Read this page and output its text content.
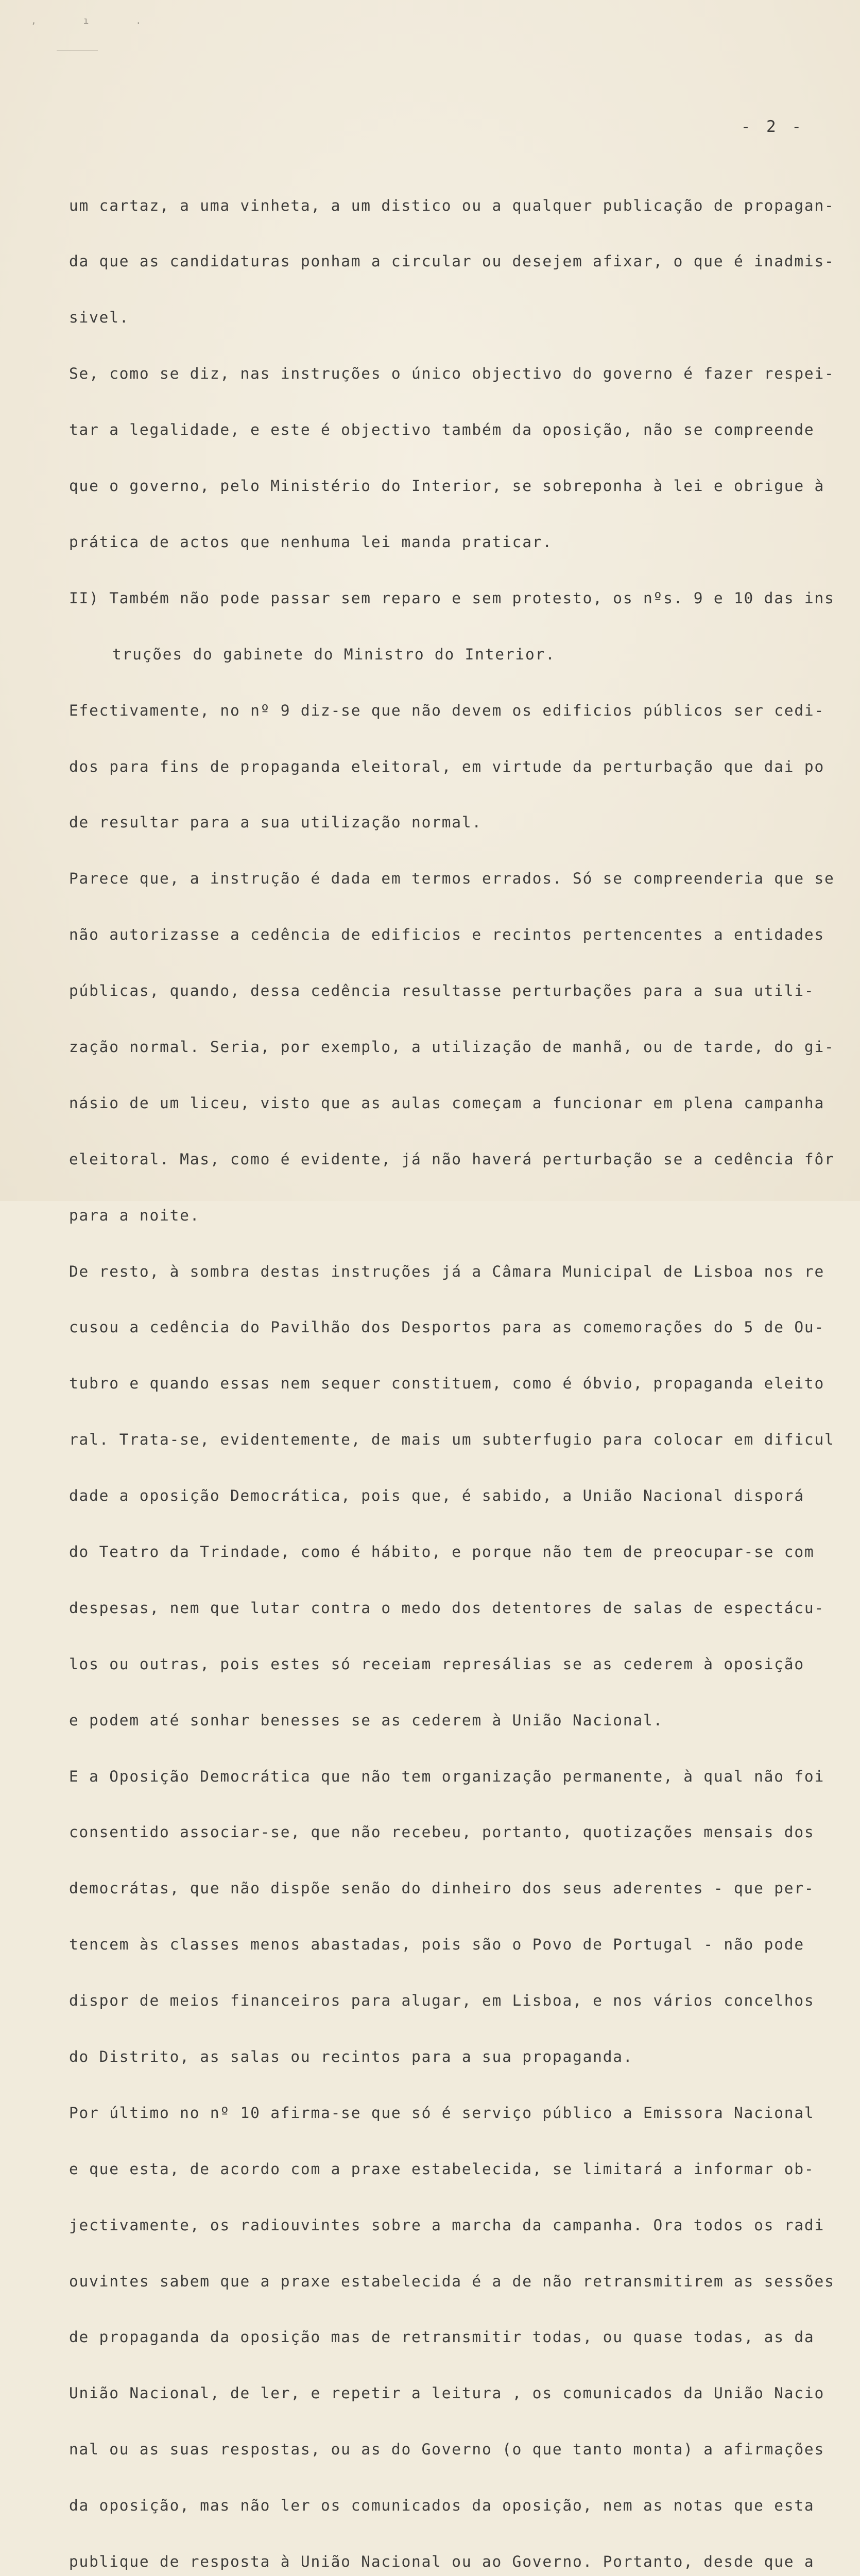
, ı .
- 2 -

um cartaz, a uma vinheta, a um distico ou a qualquer publicação de propagan-

da que as candidaturas ponham a circular ou desejem afixar, o que é inadmis-

sivel.

Se, como se diz, nas instruções o único objectivo do governo é fazer respei-

tar a legalidade, e este é objectivo também da oposição, não se compreende

que o governo, pelo Ministério do Interior, se sobreponha à lei e obrigue à

prática de actos que nenhuma lei manda praticar.

II) Também não pode passar sem reparo e sem protesto, os nºs. 9 e 10 das ins

truções do gabinete do Ministro do Interior.

Efectivamente, no nº 9 diz-se que não devem os edificios públicos ser cedi-

dos para fins de propaganda eleitoral, em virtude da perturbação que dai po

de resultar para a sua utilização normal.

Parece que, a instrução é dada em termos errados. Só se compreenderia que se

não autorizasse a cedência de edificios e recintos pertencentes a entidades

públicas, quando, dessa cedência resultasse perturbações para a sua utili-

zação normal. Seria, por exemplo, a utilização de manhã, ou de tarde, do gi-

násio de um liceu, visto que as aulas começam a funcionar em plena campanha

eleitoral. Mas, como é evidente, já não haverá perturbação se a cedência fôr

para a noite.

De resto, à sombra destas instruções já a Câmara Municipal de Lisboa nos re

cusou a cedência do Pavilhão dos Desportos para as comemorações do 5 de Ou-

tubro e quando essas nem sequer constituem, como é óbvio, propaganda eleito

ral. Trata-se, evidentemente, de mais um subterfugio para colocar em dificul

dade a oposição Democrática, pois que, é sabido, a União Nacional disporá

do Teatro da Trindade, como é hábito, e porque não tem de preocupar-se com

despesas, nem que lutar contra o medo dos detentores de salas de espectácu-

los ou outras, pois estes só receiam represálias se as cederem à oposição

e podem até sonhar benesses se as cederem à União Nacional.

E a Oposição Democrática que não tem organização permanente, à qual não foi

consentido associar-se, que não recebeu, portanto, quotizações mensais dos

democrátas, que não dispõe senão do dinheiro dos seus aderentes - que per-

tencem às classes menos abastadas, pois são o Povo de Portugal - não pode

dispor de meios financeiros para alugar, em Lisboa, e nos vários concelhos

do Distrito, as salas ou recintos para a sua propaganda.

Por último no nº 10 afirma-se que só é serviço público a Emissora Nacional

e que esta, de acordo com a praxe estabelecida, se limitará a informar ob-

jectivamente, os radiouvintes sobre a marcha da campanha. Ora todos os radi

ouvintes sabem que a praxe estabelecida é a de não retransmitirem as sessões

de propaganda da oposição mas de retransmitir todas, ou quase todas, as da

União Nacional, de ler, e repetir a leitura , os comunicados da União Nacio

nal ou as suas respostas, ou as do Governo (o que tanto monta) a afirmações

da oposição, mas não ler os comunicados da oposição, nem as notas que esta

publique de resposta à União Nacional ou ao Governo. Portanto, desde que a
